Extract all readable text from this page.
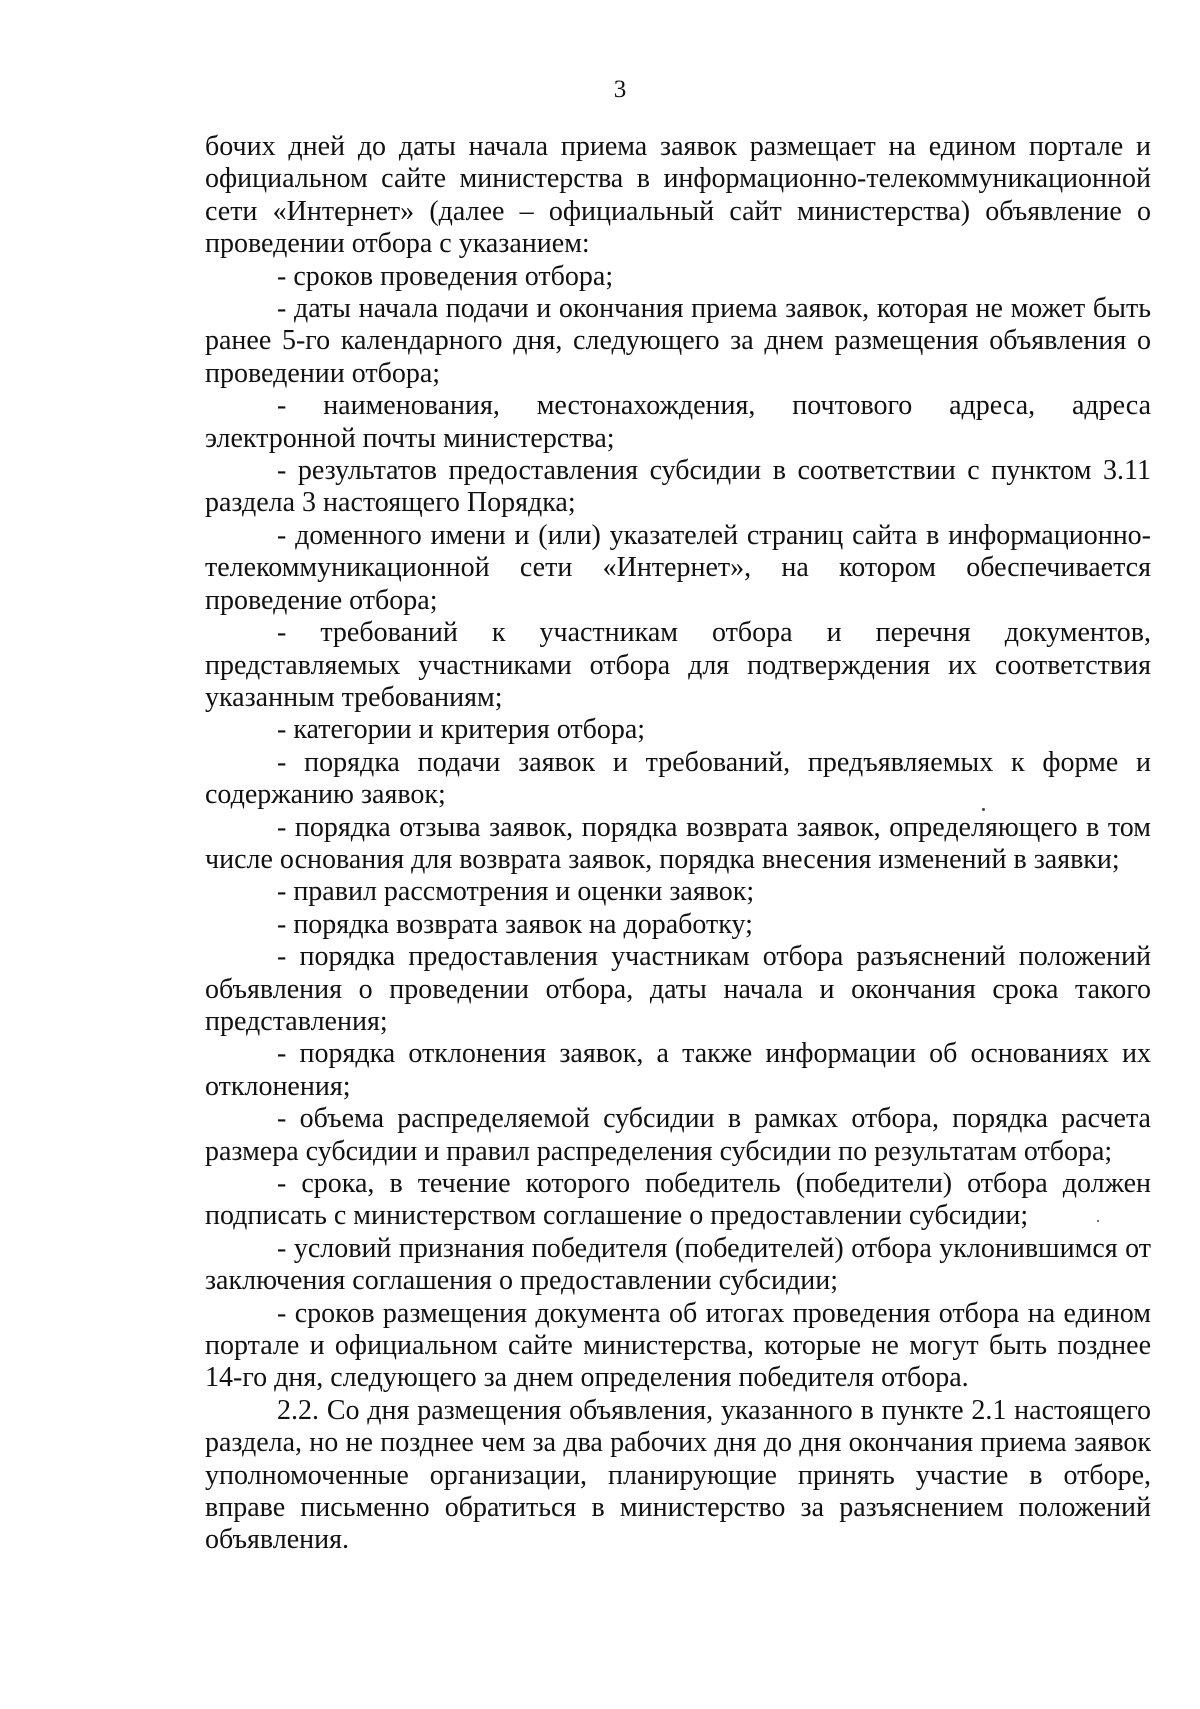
3

бочих дней до даты начала приема заявок размещает на едином портале и официальном сайте министерства в информационно-телекоммуникационной сети «Интернет» (далее – официальный сайт министерства) объявление о проведении отбора с указанием:

- сроков проведения отбора;

- даты начала подачи и окончания приема заявок, которая не может быть ранее 5-го календарного дня, следующего за днем размещения объявления о проведении отбора;

- наименования, местонахождения, почтового адреса, адреса электронной почты министерства;

- результатов предоставления субсидии в соответствии с пунктом 3.11 раздела 3 настоящего Порядка;

- доменного имени и (или) указателей страниц сайта в информационно-телекоммуникационной сети «Интернет», на котором обеспечивается проведение отбора;

- требований к участникам отбора и перечня документов, представляемых участниками отбора для подтверждения их соответствия указанным требованиям;

- категории и критерия отбора;

- порядка подачи заявок и требований, предъявляемых к форме и содержанию заявок;

- порядка отзыва заявок, порядка возврата заявок, определяющего в том числе основания для возврата заявок, порядка внесения изменений в заявки;

- правил рассмотрения и оценки заявок;

- порядка возврата заявок на доработку;

- порядка предоставления участникам отбора разъяснений положений объявления о проведении отбора, даты начала и окончания срока такого представления;

- порядка отклонения заявок, а также информации об основаниях их отклонения;

- объема распределяемой субсидии в рамках отбора, порядка расчета размера субсидии и правил распределения субсидии по результатам отбора;

- срока, в течение которого победитель (победители) отбора должен подписать с министерством соглашение о предоставлении субсидии;

- условий признания победителя (победителей) отбора уклонившимся от заключения соглашения о предоставлении субсидии;

- сроков размещения документа об итогах проведения отбора на едином портале и официальном сайте министерства, которые не могут быть позднее 14-го дня, следующего за днем определения победителя отбора.

2.2. Со дня размещения объявления, указанного в пункте 2.1 настоящего раздела, но не позднее чем за два рабочих дня до дня окончания приема заявок уполномоченные организации, планирующие принять участие в отборе, вправе письменно обратиться в министерство за разъяснением положений объявления.
